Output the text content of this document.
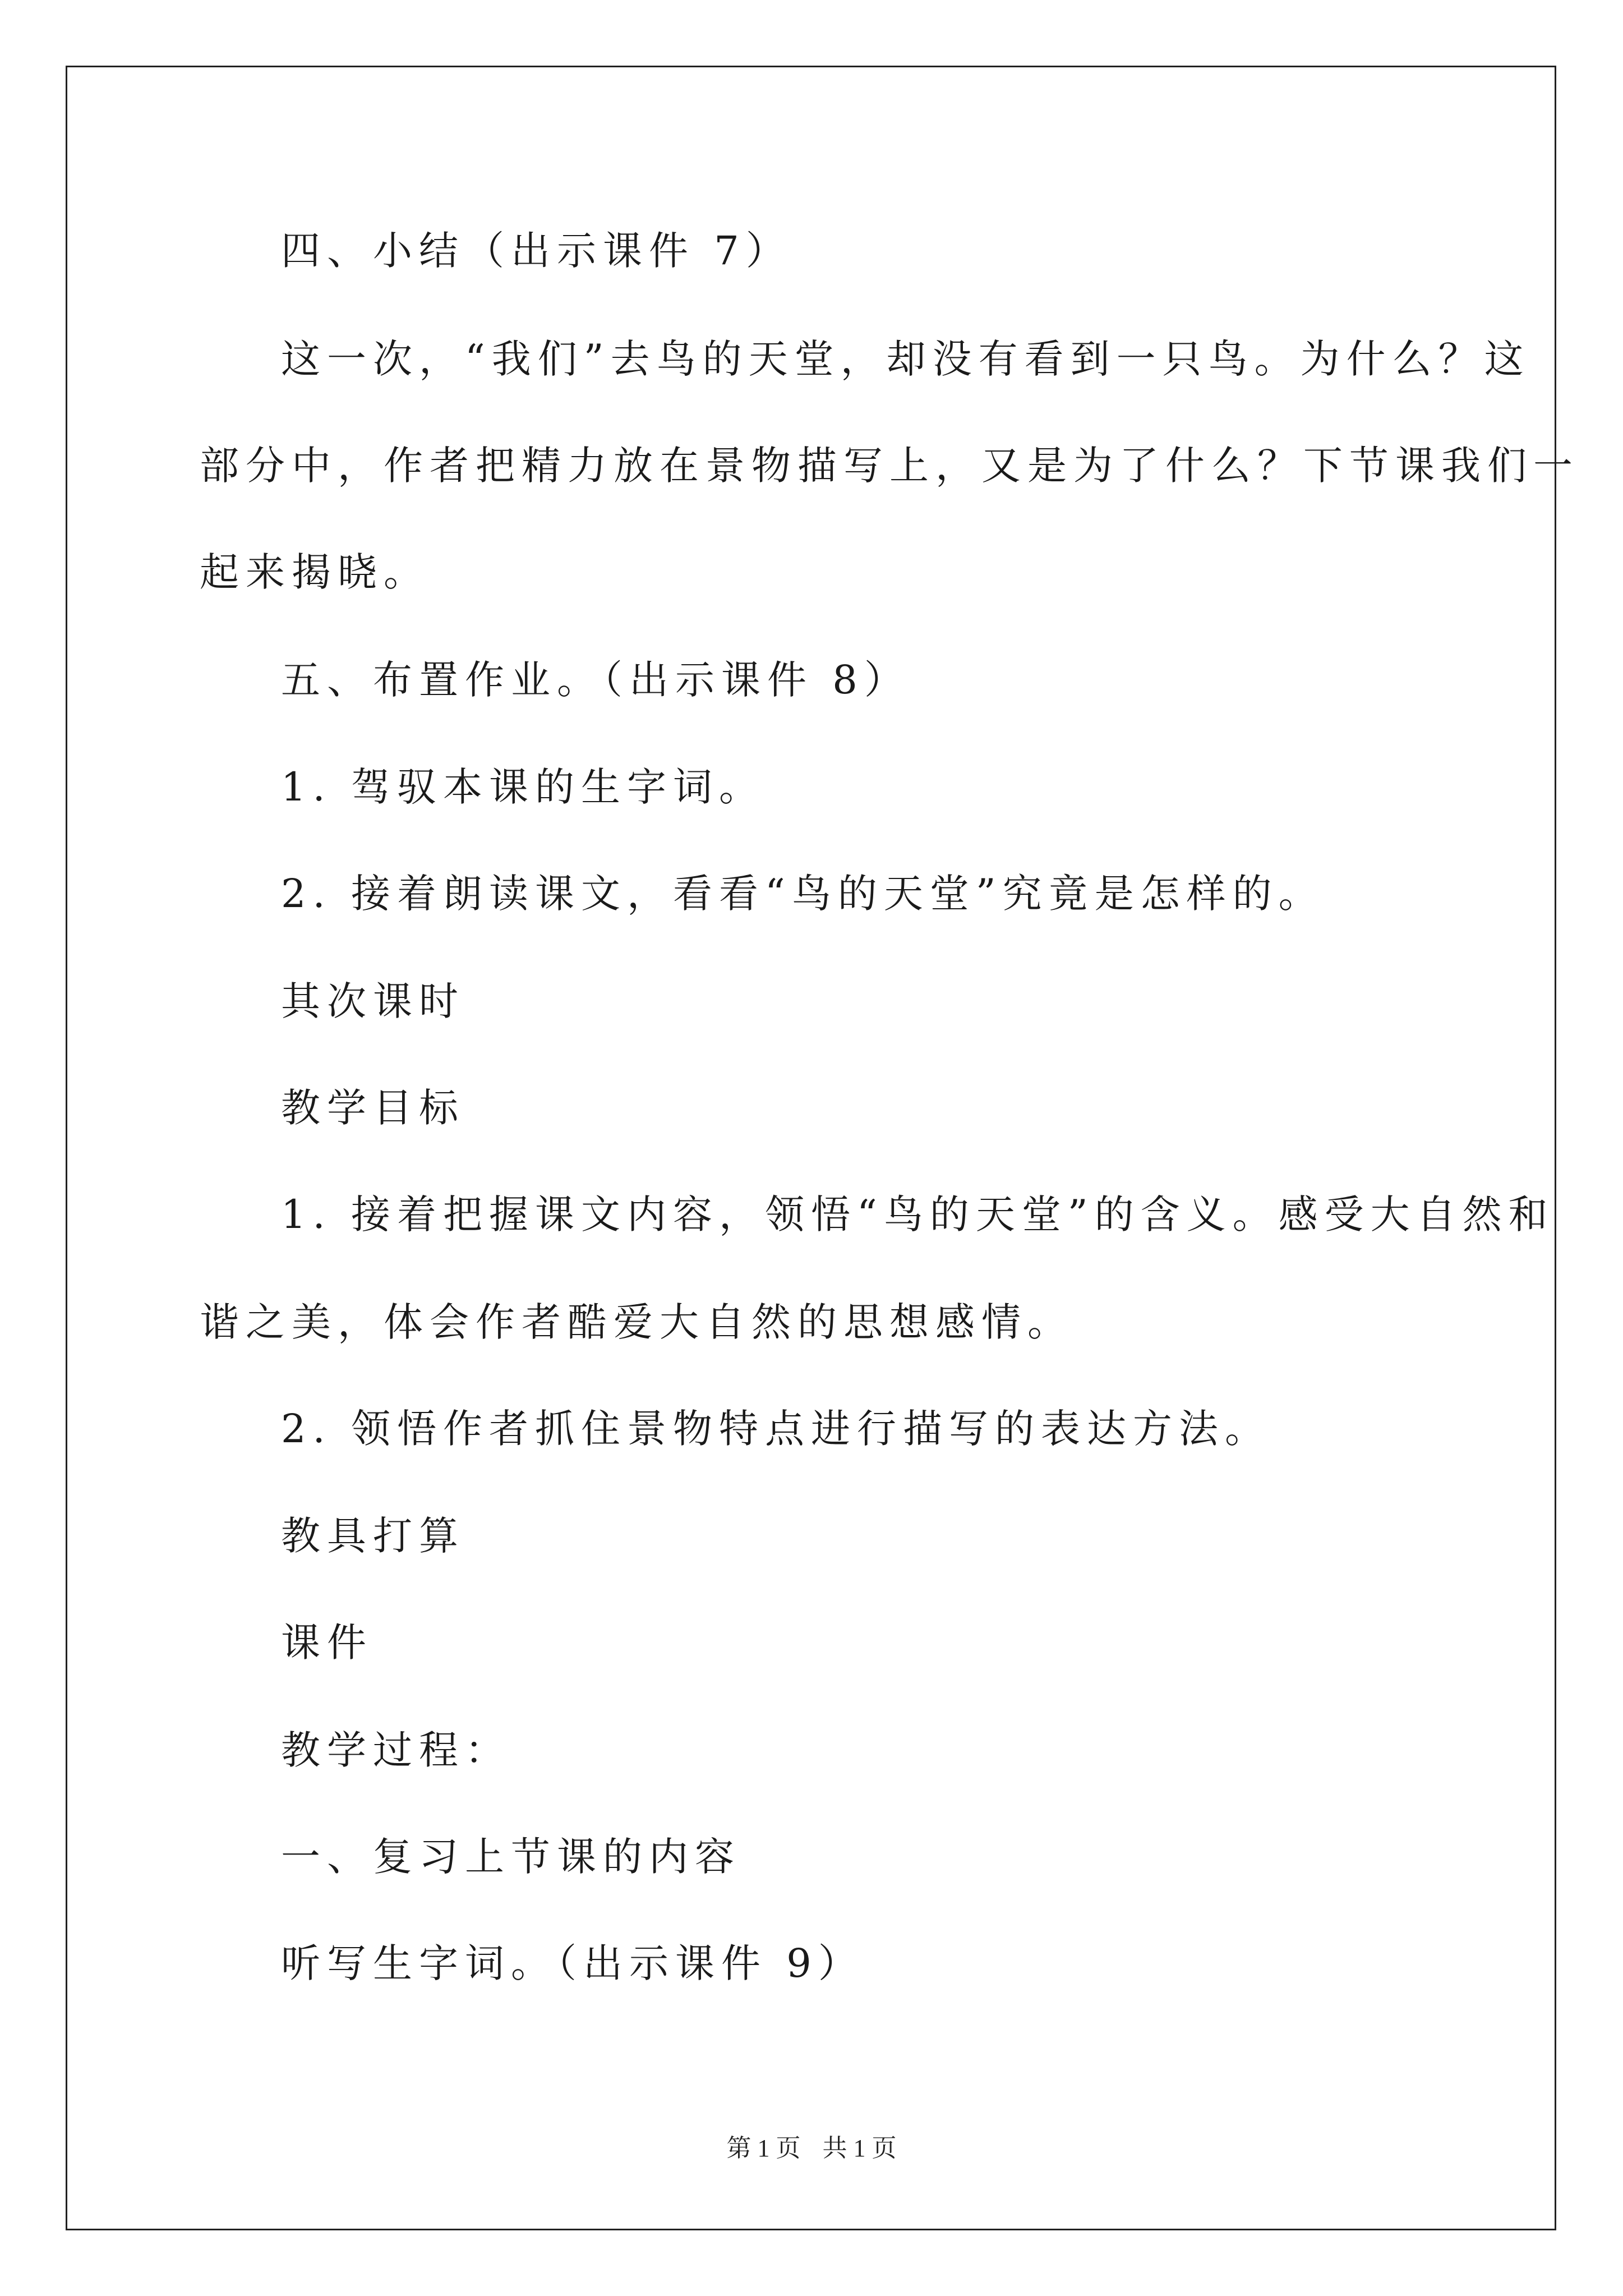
四、小结（出示课件 7）
这一次，“我们”去鸟的天堂，却没有看到一只鸟。为什么？这
部分中，作者把精力放在景物描写上，又是为了什么？下节课我们一
起来揭晓。
五、布置作业。（出示课件 8）
1. 驾驭本课的生字词。
2. 接着朗读课文，看看“鸟的天堂”究竟是怎样的。
其次课时
教学目标
1. 接着把握课文内容，领悟“鸟的天堂”的含义。感受大自然和
谐之美，体会作者酷爱大自然的思想感情。
2. 领悟作者抓住景物特点进行描写的表达方法。
教具打算
课件
教学过程：
一、复习上节课的内容
听写生字词。（出示课件 9）
第 1 页 共 1 页
